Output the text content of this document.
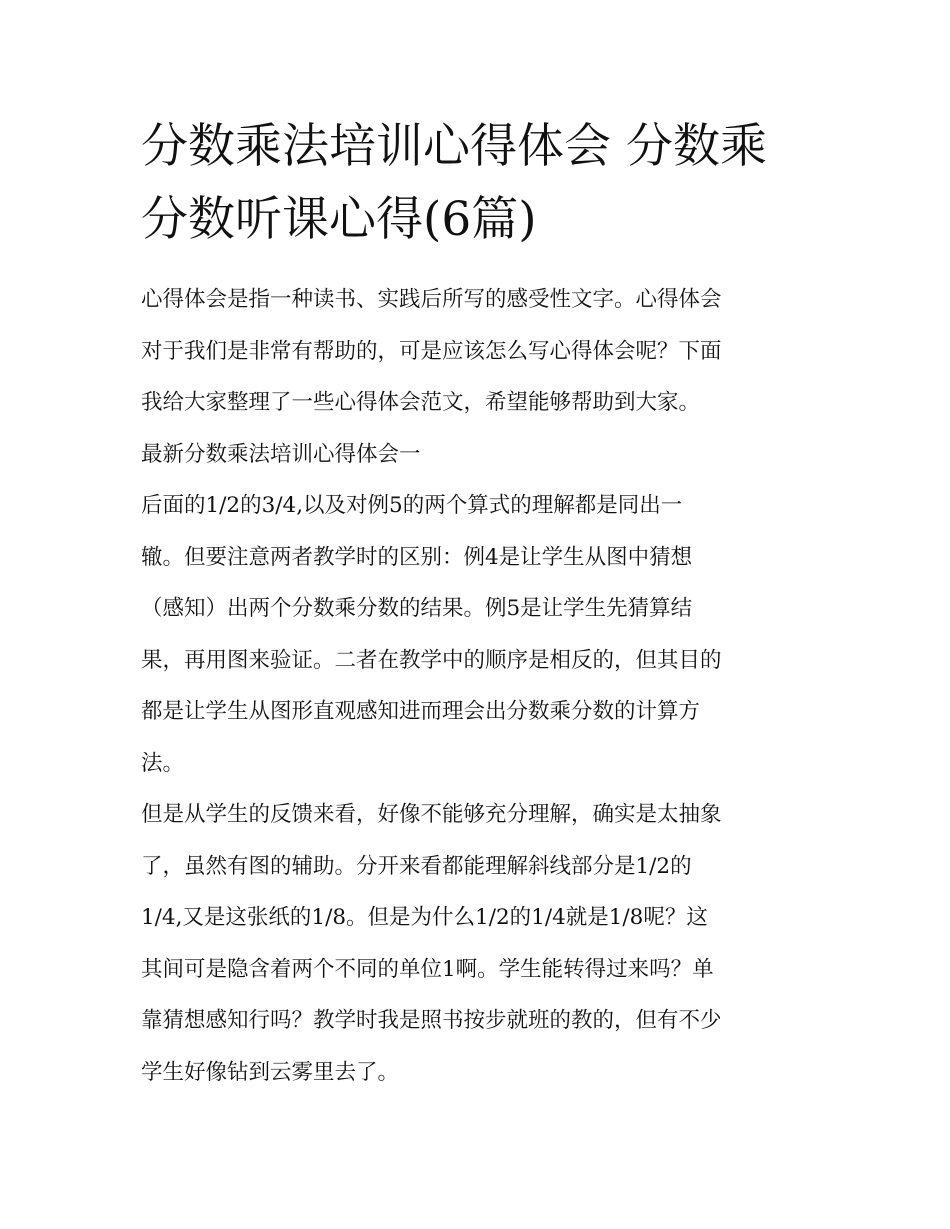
分数乘法培训心得体会 分数乘
分数听课心得(6篇)
心得体会是指一种读书、实践后所写的感受性文字。心得体会
对于我们是非常有帮助的，可是应该怎么写心得体会呢？下面
我给大家整理了一些心得体会范文，希望能够帮助到大家。
最新分数乘法培训心得体会一
后面的1/2的3/4,以及对例5的两个算式的理解都是同出一
辙。但要注意两者教学时的区别：例4是让学生从图中猜想
（感知）出两个分数乘分数的结果。例5是让学生先猜算结
果，再用图来验证。二者在教学中的顺序是相反的，但其目的
都是让学生从图形直观感知进而理会出分数乘分数的计算方
法。
但是从学生的反馈来看，好像不能够充分理解，确实是太抽象
了，虽然有图的辅助。分开来看都能理解斜线部分是1/2的
1/4,又是这张纸的1/8。但是为什么1/2的1/4就是1/8呢？这
其间可是隐含着两个不同的单位1啊。学生能转得过来吗？单
靠猜想感知行吗？教学时我是照书按步就班的教的，但有不少
学生好像钻到云雾里去了。
